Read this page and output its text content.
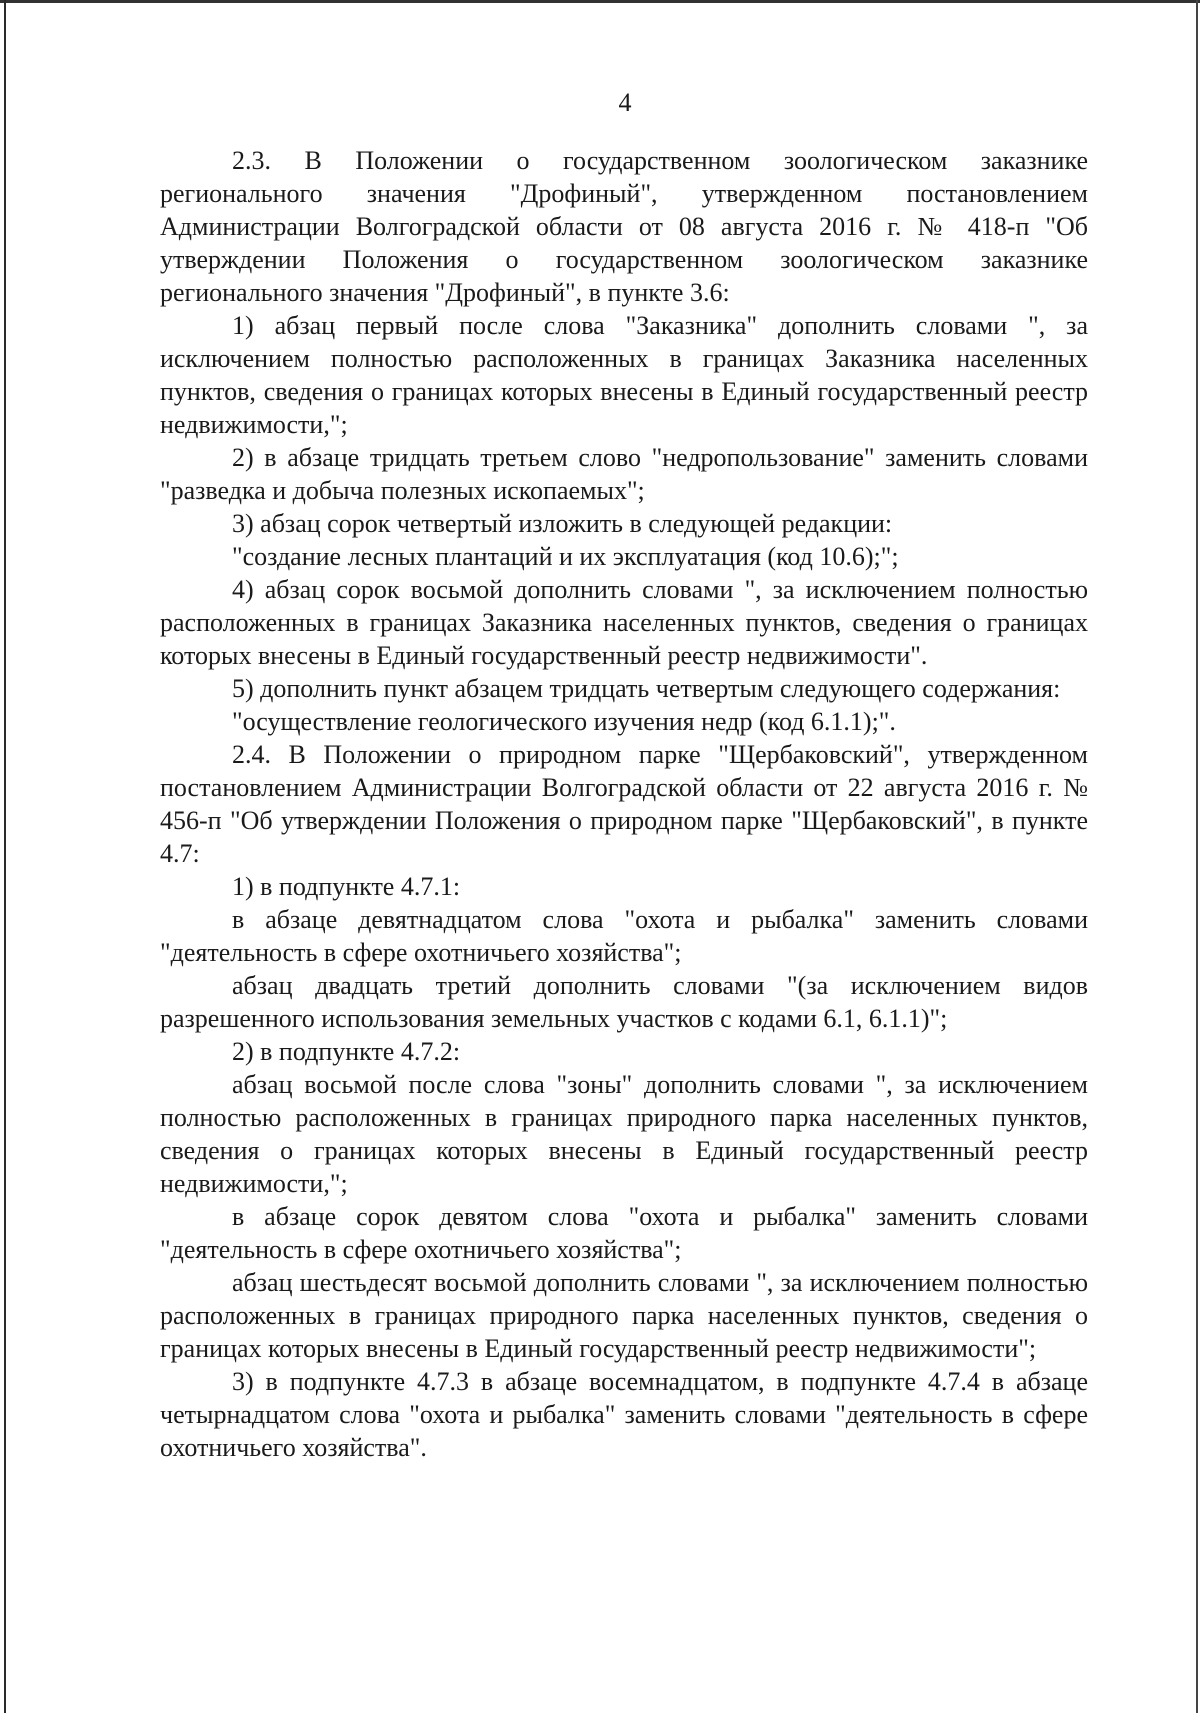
4

2.3. В Положении о государственном зоологическом заказнике регионального значения "Дрофиный", утвержденном постановлением Администрации Волгоградской области от 08 августа 2016 г. № 418-п "Об утверждении Положения о государственном зоологическом заказнике регионального значения "Дрофиный", в пункте 3.6:

1) абзац первый после слова "Заказника" дополнить словами ", за исключением полностью расположенных в границах Заказника населенных пунктов, сведения о границах которых внесены в Единый государственный реестр недвижимости,";

2) в абзаце тридцать третьем слово "недропользование" заменить словами "разведка и добыча полезных ископаемых";

3) абзац сорок четвертый изложить в следующей редакции:

"создание лесных плантаций и их эксплуатация (код 10.6);";

4) абзац сорок восьмой дополнить словами ", за исключением полностью расположенных в границах Заказника населенных пунктов, сведения о границах которых внесены в Единый государственный реестр недвижимости".

5) дополнить пункт абзацем тридцать четвертым следующего содержания:

"осуществление геологического изучения недр (код 6.1.1);".

2.4. В Положении о природном парке "Щербаковский", утвержденном постановлением Администрации Волгоградской области от 22 августа 2016 г. № 456-п "Об утверждении Положения о природном парке "Щербаковский", в пункте 4.7:

1) в подпункте 4.7.1:

в абзаце девятнадцатом слова "охота и рыбалка" заменить словами "деятельность в сфере охотничьего хозяйства";

абзац двадцать третий дополнить словами "(за исключением видов разрешенного использования земельных участков с кодами 6.1, 6.1.1)";

2) в подпункте 4.7.2:

абзац восьмой после слова "зоны" дополнить словами ", за исключением полностью расположенных в границах природного парка населенных пунктов, сведения о границах которых внесены в Единый государственный реестр недвижимости,";

в абзаце сорок девятом слова "охота и рыбалка" заменить словами "деятельность в сфере охотничьего хозяйства";

абзац шестьдесят восьмой дополнить словами ", за исключением полностью расположенных в границах природного парка населенных пунктов, сведения о границах которых внесены в Единый государственный реестр недвижимости";

3) в подпункте 4.7.3 в абзаце восемнадцатом, в подпункте 4.7.4 в абзаце четырнадцатом слова "охота и рыбалка" заменить словами "деятельность в сфере охотничьего хозяйства".
